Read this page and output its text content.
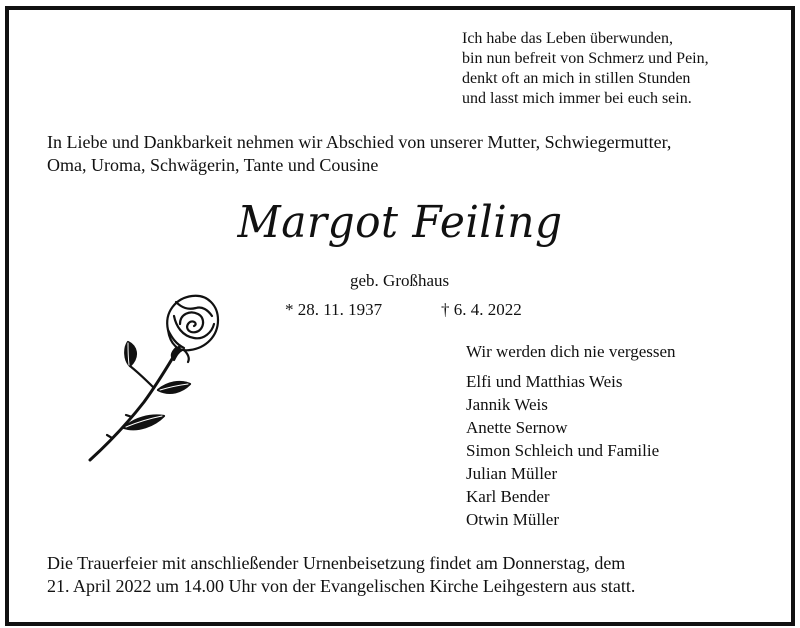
Ich habe das Leben überwunden,
bin nun befreit von Schmerz und Pein,
denkt oft an mich in stillen Stunden
und lasst mich immer bei euch sein.
In Liebe und Dankbarkeit nehmen wir Abschied von unserer Mutter, Schwiegermutter,
Oma, Uroma, Schwägerin, Tante und Cousine
Margot Feiling
geb. Großhaus
* 28. 11. 1937	† 6. 4. 2022
Wir werden dich nie vergessen
Elfi und Matthias Weis
Jannik Weis
Anette Sernow
Simon Schleich und Familie
Julian Müller
Karl Bender
Otwin Müller
Die Trauerfeier mit anschließender Urnenbeisetzung findet am Donnerstag, dem
21. April 2022 um 14.00 Uhr von der Evangelischen Kirche Leihgestern aus statt.
